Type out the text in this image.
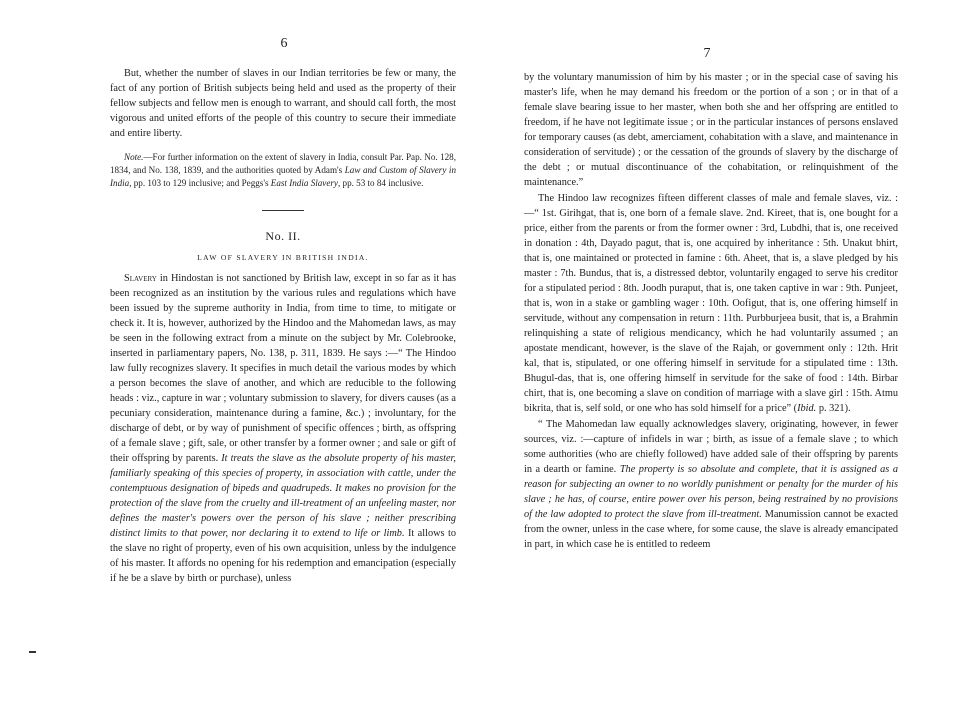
6

But, whether the number of slaves in our Indian territories be few or many, the fact of any portion of British subjects being held and used as the property of their fellow subjects and fellow men is enough to warrant, and should call forth, the most vigorous and united efforts of the people of this country to secure their immediate and entire liberty.

Note.—For further information on the extent of slavery in India, consult Par. Pap. No. 128, 1834, and No. 138, 1839, and the authorities quoted by Adam's Law and Custom of Slavery in India, pp. 103 to 129 inclusive; and Peggs's East India Slavery, pp. 53 to 84 inclusive.

No. II.
LAW OF SLAVERY IN BRITISH INDIA.

Slavery in Hindostan is not sanctioned by British law, except in so far as it has been recognized as an institution by the various rules and regulations which have been issued by the supreme authority in India, from time to time, to mitigate or check it. It is, however, authorized by the Hindoo and the Mahomedan laws, as may be seen in the following extract from a minute on the subject by Mr. Colebrooke, inserted in parliamentary papers, No. 138, p. 311, 1839. He says :—“ The Hindoo law fully recognizes slavery. It specifies in much detail the various modes by which a person becomes the slave of another, and which are reducible to the following heads : viz., capture in war ; voluntary submission to slavery, for divers causes (as a pecuniary consideration, maintenance during a famine, &c.) ; involuntary, for the discharge of debt, or by way of punishment of specific offences ; birth, as offspring of a female slave ; gift, sale, or other transfer by a former owner ; and sale or gift of their offspring by parents. It treats the slave as the absolute property of his master, familiarly speaking of this species of property, in association with cattle, under the contemptuous designation of bipeds and quadrupeds. It makes no provision for the protection of the slave from the cruelty and ill-treatment of an unfeeling master, nor defines the master's powers over the person of his slave ; neither prescribing distinct limits to that power, nor declaring it to extend to life or limb. It allows to the slave no right of property, even of his own acquisition, unless by the indulgence of his master. It affords no opening for his redemption and emancipation (especially if he be a slave by birth or purchase), unless

7

by the voluntary manumission of him by his master ; or in the special case of saving his master's life, when he may demand his freedom or the portion of a son ; or in that of a female slave bearing issue to her master, when both she and her offspring are entitled to freedom, if he have not legitimate issue ; or in the particular instances of persons enslaved for temporary causes (as debt, amerciament, cohabitation with a slave, and maintenance in consideration of servitude) ; or the cessation of the grounds of slavery by the discharge of the debt ; or mutual discontinuance of the cohabitation, or relinquishment of the maintenance.”

The Hindoo law recognizes fifteen different classes of male and female slaves, viz. :—“ 1st. Girihgat, that is, one born of a female slave. 2nd. Kireet, that is, one bought for a price, either from the parents or from the former owner : 3rd, Lubdhi, that is, one received in donation : 4th, Dayado pagut, that is, one acquired by inheritance : 5th. Unakut bhirt, that is, one maintained or protected in famine : 6th. Aheet, that is, a slave pledged by his master : 7th. Bundus, that is, a distressed debtor, voluntarily engaged to serve his creditor for a stipulated period : 8th. Joodh puraput, that is, one taken captive in war : 9th. Punjeet, that is, won in a stake or gambling wager : 10th. Oofigut, that is, one offering himself in servitude, without any compensation in return : 11th. Purbburjeea busit, that is, a Brahmin relinquishing a state of religious mendicancy, which he had voluntarily assumed ; an apostate mendicant, however, is the slave of the Rajah, or government only : 12th. Hrit kal, that is, stipulated, or one offering himself in servitude for a stipulated time : 13th. Bhugul-das, that is, one offering himself in servitude for the sake of food : 14th. Birbar chirt, that is, one becoming a slave on condition of marriage with a slave girl : 15th. Atmu bikrita, that is, self sold, or one who has sold himself for a price” (Ibid. p. 321).

“ The Mahomedan law equally acknowledges slavery, originating, however, in fewer sources, viz. :—capture of infidels in war ; birth, as issue of a female slave ; to which some authorities (who are chiefly followed) have added sale of their offspring by parents in a dearth or famine. The property is so absolute and complete, that it is assigned as a reason for subjecting an owner to no worldly punishment or penalty for the murder of his slave ; he has, of course, entire power over his person, being restrained by no provisions of the law adopted to protect the slave from ill-treatment. Manumission cannot be exacted from the owner, unless in the case where, for some cause, the slave is already emancipated in part, in which case he is entitled to redeem
